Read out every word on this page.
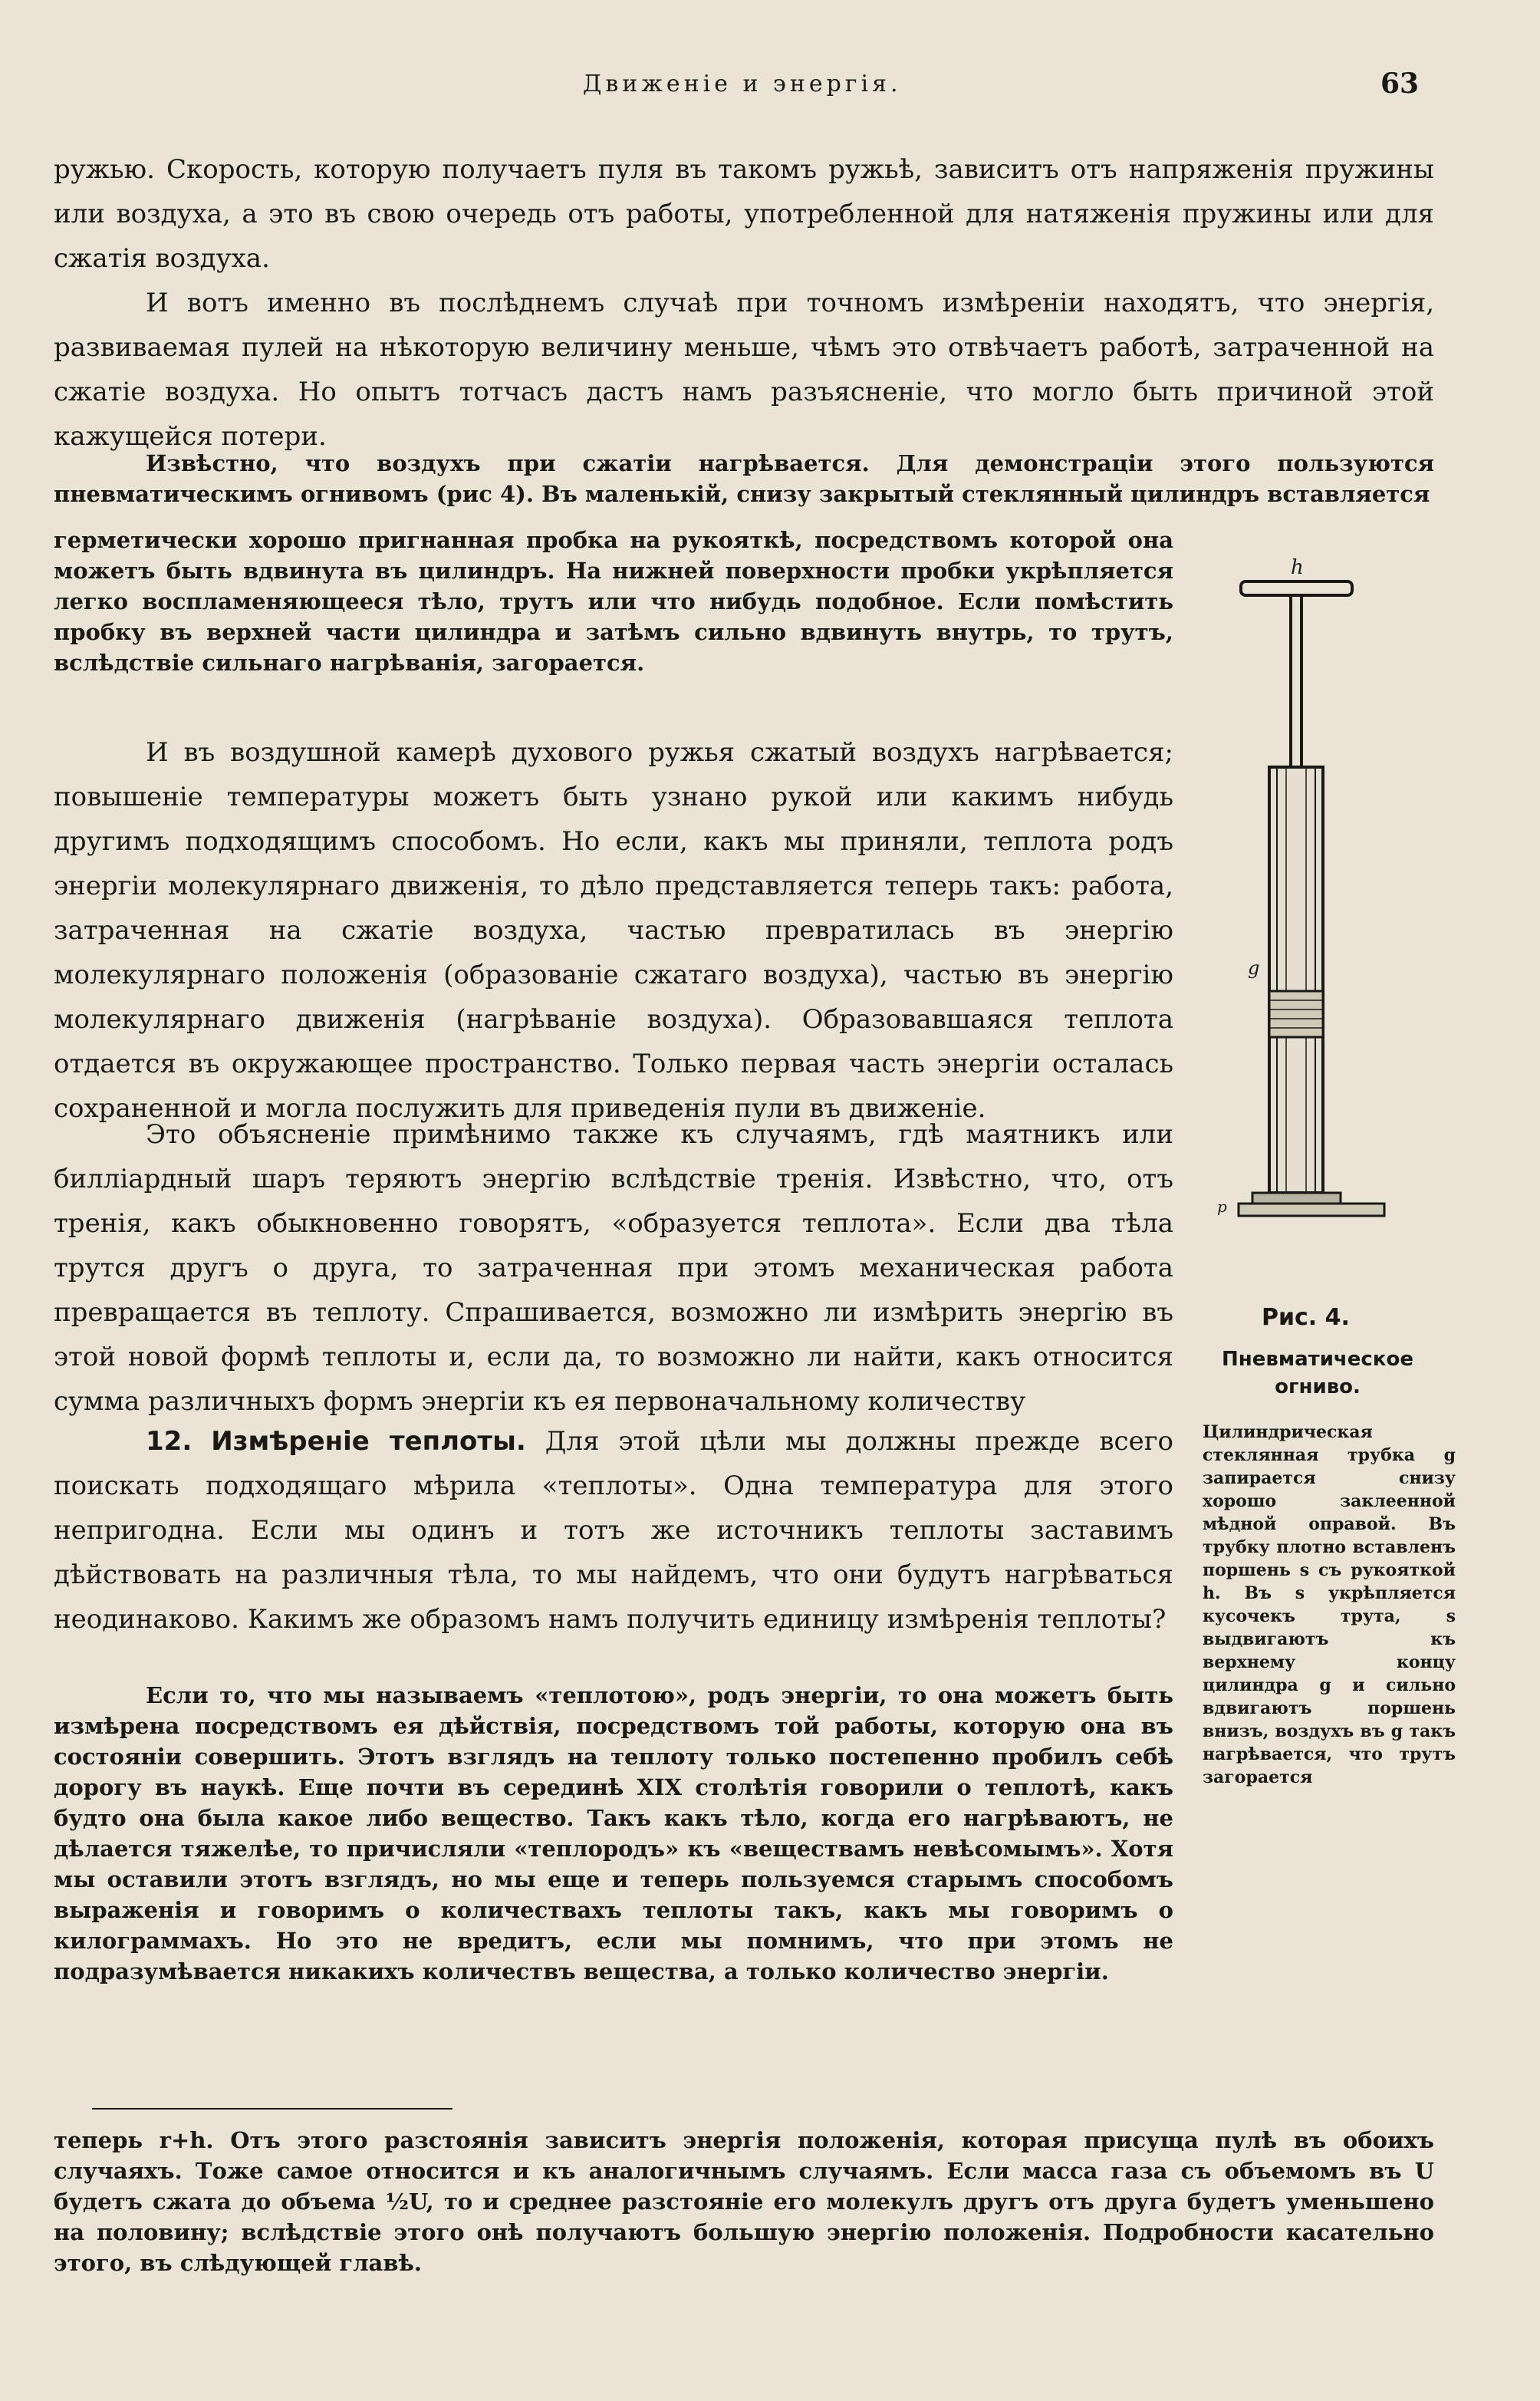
Движеніе и энергія.	63

ружью. Скорость, которую получаетъ пуля въ такомъ ружьѣ, зависитъ отъ напряженія пружины или воздуха, а это въ свою очередь отъ работы, употребленной для натяженія пружины или для сжатія воздуха.

И вотъ именно въ послѣднемъ случаѣ при точномъ измѣреніи находятъ, что энергія, развиваемая пулей на нѣкоторую величину меньше, чѣмъ это отвѣчаетъ работѣ, затраченной на сжатіе воздуха. Но опытъ тотчасъ дастъ намъ разъясненіе, что могло быть причиной этой кажущейся потери.

Извѣстно, что воздухъ при сжатіи нагрѣвается. Для демонстраціи этого пользуются пневматическимъ огнивомъ (рис 4). Въ маленькій, снизу закрытый стеклянный цилиндръ вставляется

герметически хорошо пригнанная пробка на рукояткѣ, посредствомъ которой она можетъ быть вдвинута въ цилиндръ. На нижней поверхности пробки укрѣпляется легко воспламеняющееся тѣло, трутъ или что нибудь подобное. Если помѣстить пробку въ верхней части цилиндра и затѣмъ сильно вдвинуть внутрь, то трутъ, вслѣдствіе сильнаго нагрѣванія, загорается.

И въ воздушной камерѣ духового ружья сжатый воздухъ нагрѣвается; повышеніе температуры можетъ быть узнано рукой или какимъ нибудь другимъ подходящимъ способомъ. Но если, какъ мы приняли, теплота родъ энергіи молекулярнаго движенія, то дѣло представляется теперь такъ: работа, затраченная на сжатіе воздуха, частью превратилась въ энергію молекулярнаго положенія (образованіе сжатаго воздуха), частью въ энергію молекулярнаго движенія (нагрѣваніе воздуха). Образовавшаяся теплота отдается въ окружающее пространство. Только первая часть энергіи осталась сохраненной и могла послужить для приведенія пули въ движеніе.

Это объясненіе примѣнимо также къ случаямъ, гдѣ маятникъ или билліардный шаръ теряютъ энергію вслѣдствіе тренія. Извѣстно, что, отъ тренія, какъ обыкновенно говорятъ, «образуется теплота». Если два тѣла трутся другъ о друга, то затраченная при этомъ механическая работа превращается въ теплоту. Спрашивается, возможно ли измѣрить энергію въ этой новой формѣ теплоты и, если да, то возможно ли найти, какъ относится сумма различныхъ формъ энергіи къ ея первоначальному количеству

12. Измѣреніе теплоты. Для этой цѣли мы должны прежде всего поискать подходящаго мѣрила «теплоты». Одна температура для этого непригодна. Если мы одинъ и тотъ же источникъ теплоты заставимъ дѣйствовать на различныя тѣла, то мы найдемъ, что они будутъ нагрѣваться неодинаково. Какимъ же образомъ намъ получить единицу измѣренія теплоты?

Если то, что мы называемъ «теплотою», родъ энергіи, то она можетъ быть измѣрена посредствомъ ея дѣйствія, посредствомъ той работы, которую она въ состояніи совершить. Этотъ взглядъ на теплоту только постепенно пробилъ себѣ дорогу въ наукѣ. Еще почти въ серединѣ XIX столѣтія говорили о теплотѣ, какъ будто она была какое либо вещество. Такъ какъ тѣло, когда его нагрѣваютъ, не дѣлается тяжелѣе, то причисляли «теплородъ» къ «веществамъ невѣсомымъ». Хотя мы оставили этотъ взглядъ, но мы еще и теперь пользуемся старымъ способомъ выраженія и говоримъ о количествахъ теплоты такъ, какъ мы говоримъ о килограммахъ. Но это не вредитъ, если мы помнимъ, что при этомъ не подразумѣвается никакихъ количествъ вещества, а только количество энергіи.

теперь r+h. Отъ этого разстоянія зависитъ энергія положенія, которая присуща пулѣ въ обоихъ случаяхъ. Тоже самое относится и къ аналогичнымъ случаямъ. Если масса газа съ объемомъ въ U будетъ сжата до объема ½U, то и среднее разстояніе его молекулъ другъ отъ друга будетъ уменьшено на половину; вслѣдствіе этого онѣ получаютъ большую энергію положенія. Подробности касательно этого, въ слѣдующей главѣ.

h
g
p
Рис. 4.
Пневматическое огниво.
Цилиндрическая стеклянная трубка g запирается снизу хорошо заклеенной мѣдной оправой. Въ трубку плотно вставленъ поршень s съ рукояткой h. Въ s укрѣпляется кусочекъ трута, s выдвигаютъ къ верхнему концу цилиндра g и сильно вдвигаютъ поршень внизъ, воздухъ въ g такъ нагрѣвается, что трутъ загорается
